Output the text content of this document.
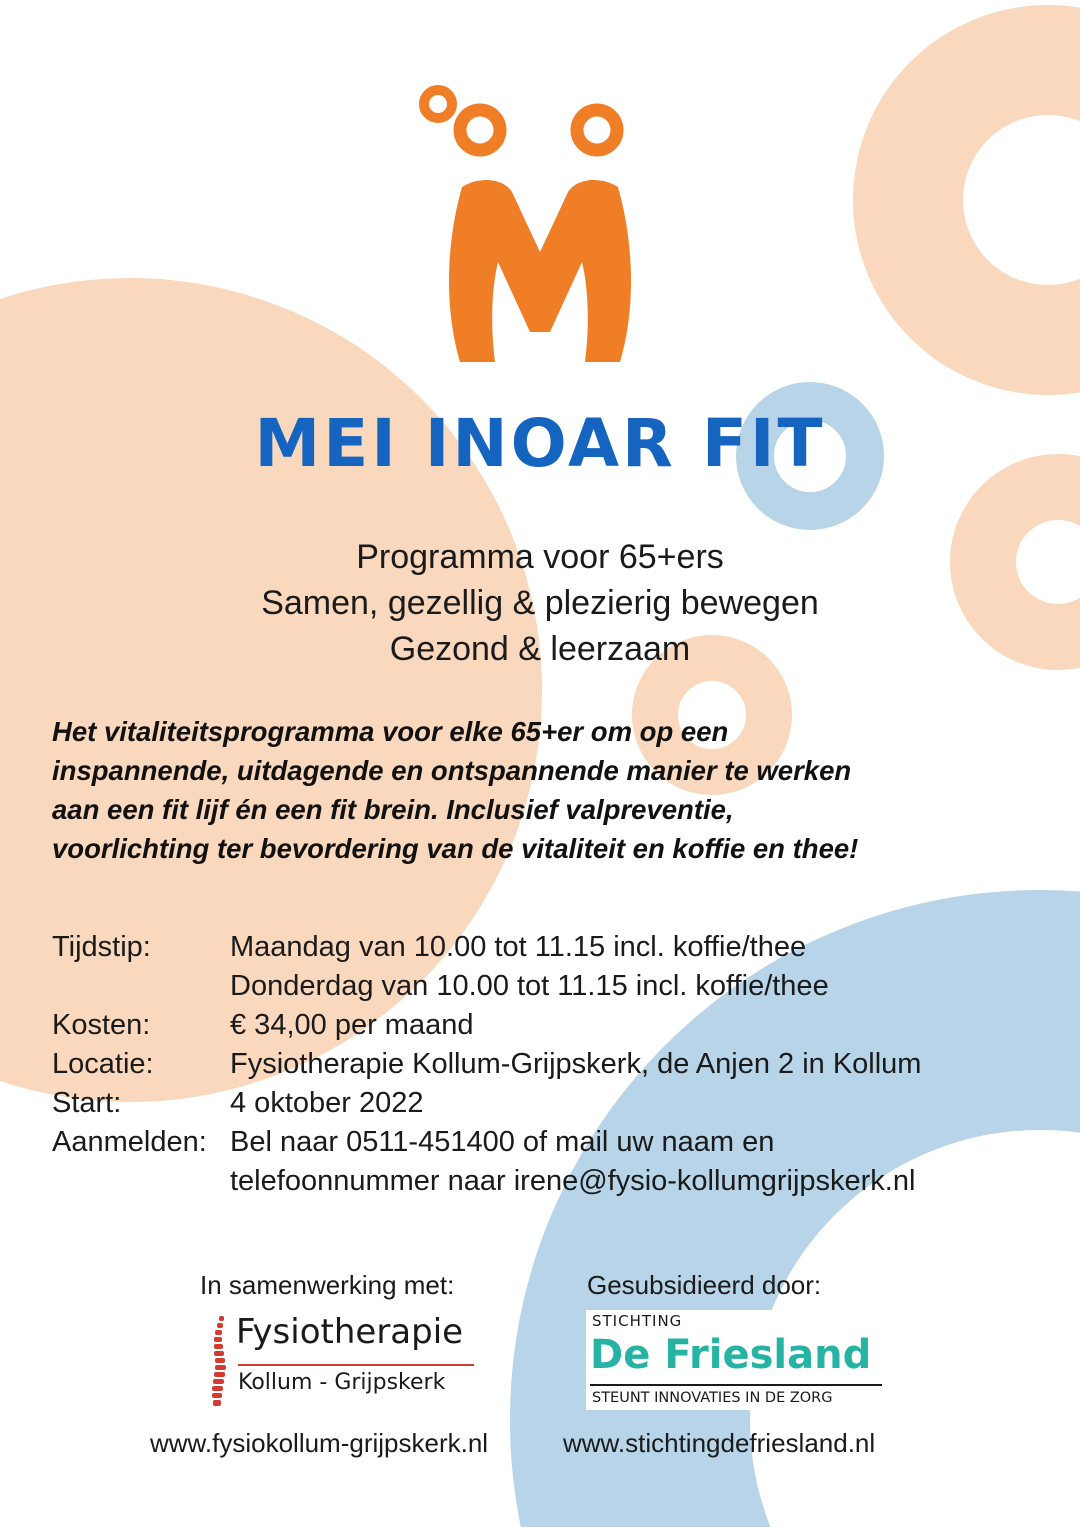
MEI INOAR FIT
Programma voor 65+ers
Samen, gezellig & plezierig bewegen
Gezond & leerzaam
Het vitaliteitsprogramma voor elke 65+er om op een
inspannende, uitdagende en ontspannende manier te werken
aan een fit lijf én een fit brein. Inclusief valpreventie,
voorlichting ter bevordering van de vitaliteit en koffie en thee!
Tijdstip:	Maandag van 10.00 tot 11.15 incl. koffie/thee
Donderdag van 10.00 tot 11.15 incl. koffie/thee
Kosten:	€ 34,00 per maand
Locatie:	Fysiotherapie Kollum-Grijpskerk, de Anjen 2 in Kollum
Start:	4 oktober 2022
Aanmelden: Bel naar 0511-451400 of mail uw naam en
telefoonnummer naar irene@fysio-kollumgrijpskerk.nl
In samenwerking met:	Gesubsidieerd door:
Fysiotherapie
Kollum - Grijpskerk
STICHTING
De Friesland
STEUNT INNOVATIES IN DE ZORG
www.fysiokollum-grijpskerk.nl	www.stichtingdefriesland.nl
